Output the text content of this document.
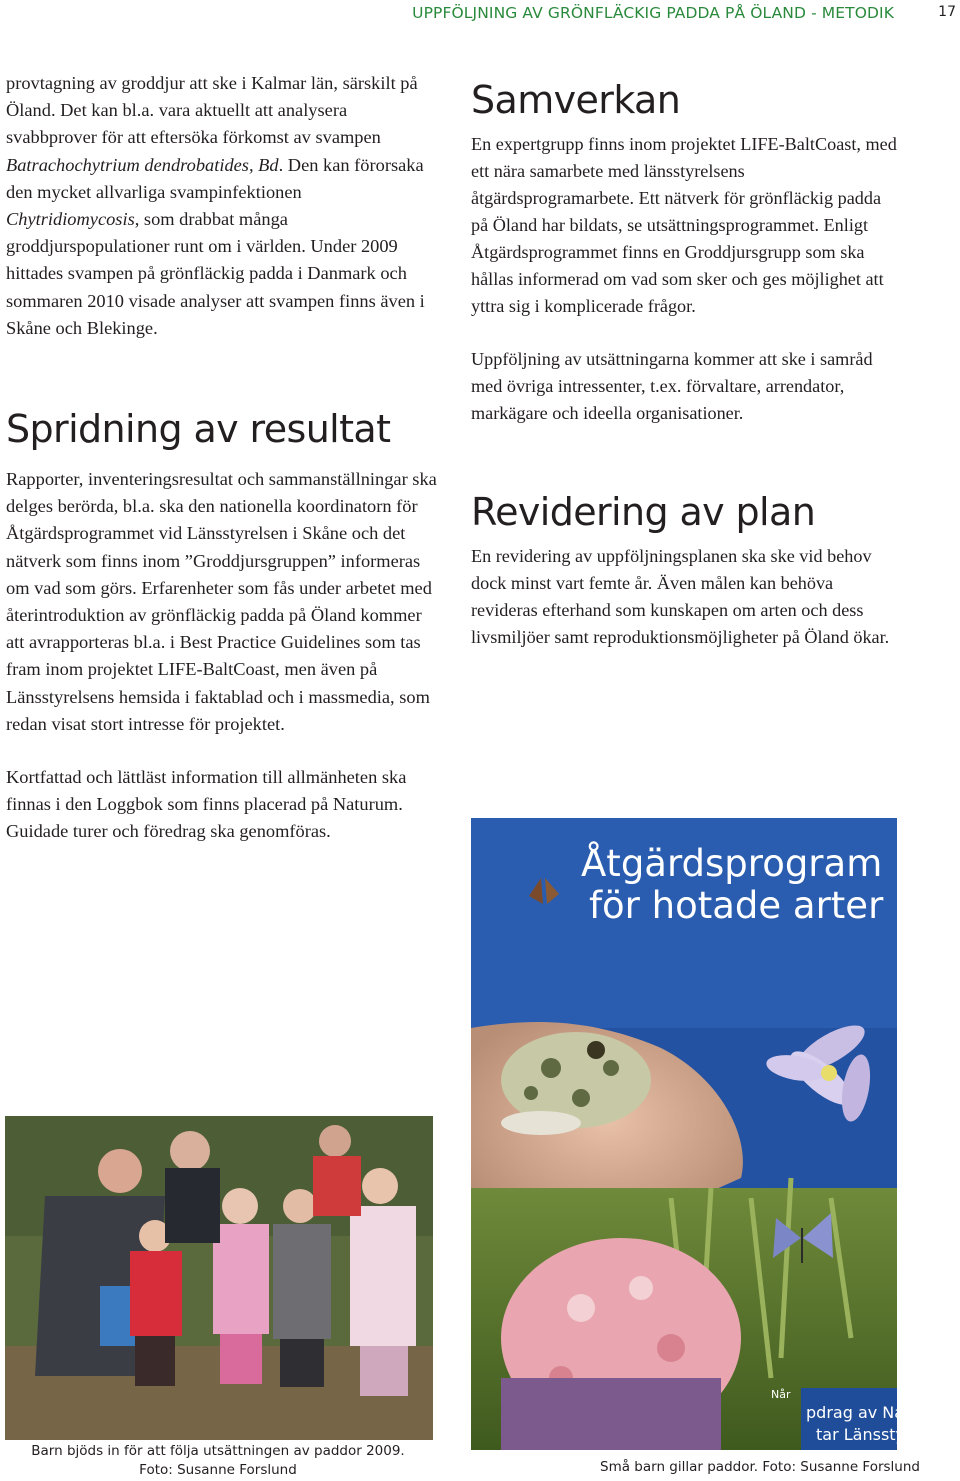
UPPFÖLJNING AV GRÖNFLÄCKIG PADDA PÅ ÖLAND - METODIK	17

provtagning av groddjur att ske i Kalmar län, särskilt på Öland. Det kan bl.a. vara aktuellt att analysera svabbprover för att eftersöka förkomst av svampen Batrachochytrium dendrobatides, Bd. Den kan förorsaka den mycket allvarliga svampinfektionen Chytridiomycosis, som drabbat många groddjurspopulationer runt om i världen. Under 2009 hittades svampen på grönfläckig padda i Danmark och sommaren 2010 visade analyser att svampen finns även i Skåne och Blekinge.

Spridning av resultat

Rapporter, inventeringsresultat och sammanställningar ska delges berörda, bl.a. ska den nationella koordinatorn för Åtgärdsprogrammet vid Länsstyrelsen i Skåne och det nätverk som finns inom ”Groddjursgruppen” informeras om vad som görs. Erfarenheter som fås under arbetet med återintroduktion av grönfläckig padda på Öland kommer att avrapporteras bl.a. i Best Practice Guidelines som tas fram inom projektet LIFE-BaltCoast, men även på Länsstyrelsens hemsida i faktablad och i massmedia, som redan visat stort intresse för projektet.

Kortfattad och lättläst information till allmänheten ska finnas i den Loggbok som finns placerad på Naturum. Guidade turer och föredrag ska genomföras.

Samverkan

En expertgrupp finns inom projektet LIFE-BaltCoast, med ett nära samarbete med länsstyrelsens åtgärdsprogramarbete. Ett nätverk för grönfläckig padda på Öland har bildats, se utsättningsprogrammet. Enligt Åtgärdsprogrammet finns en Groddjursgrupp som ska hållas informerad om vad som sker och ges möjlighet att yttra sig i komplicerade frågor.

Uppföljning av utsättningarna kommer att ske i samråd med övriga intressenter, t.ex. förvaltare, arrendator, markägare och ideella organisationer.

Revidering av plan

En revidering av uppföljningsplanen ska ske vid behov dock minst vart femte år. Även målen kan behöva revideras efterhand som kunskapen om arten och dess livsmiljöer samt reproduktionsmöjligheter på Öland ökar.

Åtgärdsprogram
för hotade arter
pdrag av Natur
tar Länsstyre
Når
Små barn gillar paddor. Foto: Susanne Forslund
Barn bjöds in för att följa utsättningen av paddor 2009.
Foto: Susanne Forslund
